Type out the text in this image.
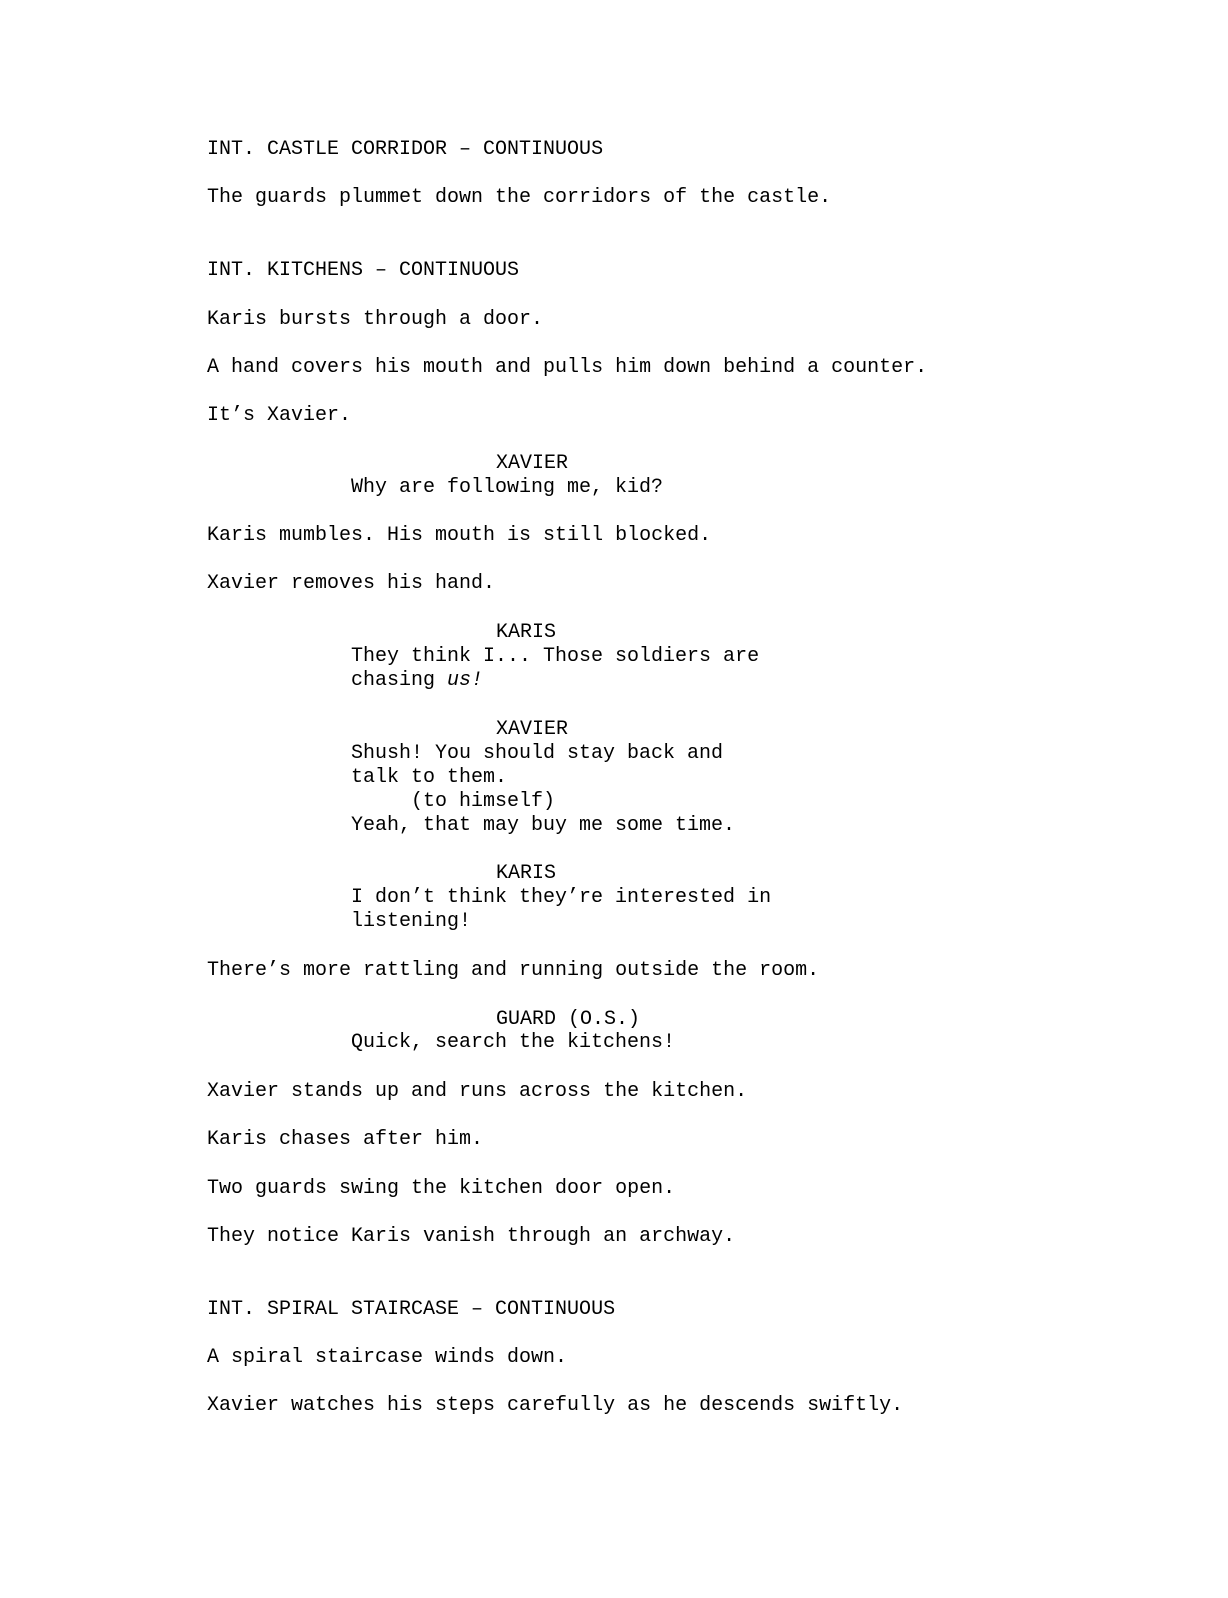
INT. CASTLE CORRIDOR – CONTINUOUS
The guards plummet down the corridors of the castle.
INT. KITCHENS – CONTINUOUS
Karis bursts through a door.
A hand covers his mouth and pulls him down behind a counter.
It’s Xavier.
XAVIER
Why are following me, kid?
Karis mumbles. His mouth is still blocked.
Xavier removes his hand.
KARIS
They think I... Those soldiers are
chasing us!
XAVIER
Shush! You should stay back and
talk to them.
(to himself)
Yeah, that may buy me some time.
KARIS
I don’t think they’re interested in
listening!
There’s more rattling and running outside the room.
GUARD (O.S.)
Quick, search the kitchens!
Xavier stands up and runs across the kitchen.
Karis chases after him.
Two guards swing the kitchen door open.
They notice Karis vanish through an archway.
INT. SPIRAL STAIRCASE – CONTINUOUS
A spiral staircase winds down.
Xavier watches his steps carefully as he descends swiftly.
